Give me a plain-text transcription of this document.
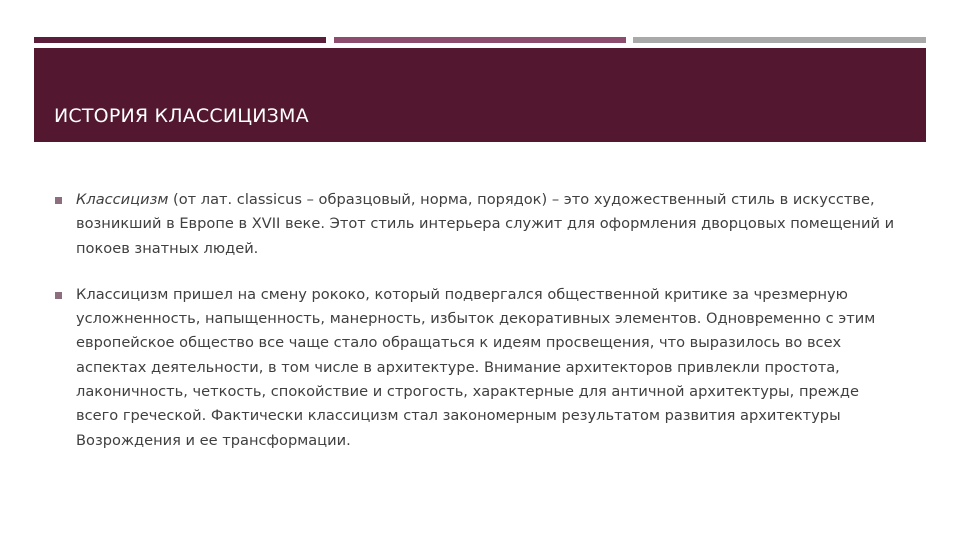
ИСТОРИЯ КЛАССИЦИЗМА

Классицизм (от лат. classicus – образцовый, норма, порядок) – это художественный стиль в искусстве, возникший в Европе в XVII веке. Этот стиль интерьера служит для оформления дворцовых помещений и покоев знатных людей.

Классицизм пришел на смену рококо, который подвергался общественной критике за чрезмерную усложненность, напыщенность, манерность, избыток декоративных элементов. Одновременно с этим европейское общество все чаще стало обращаться к идеям просвещения, что выразилось во всех аспектах деятельности, в том числе в архитектуре. Внимание архитекторов привлекли простота, лаконичность, четкость, спокойствие и строгость, характерные для античной архитектуры, прежде всего греческой. Фактически классицизм стал закономерным результатом развития архитектуры Возрождения и ее трансформации.
